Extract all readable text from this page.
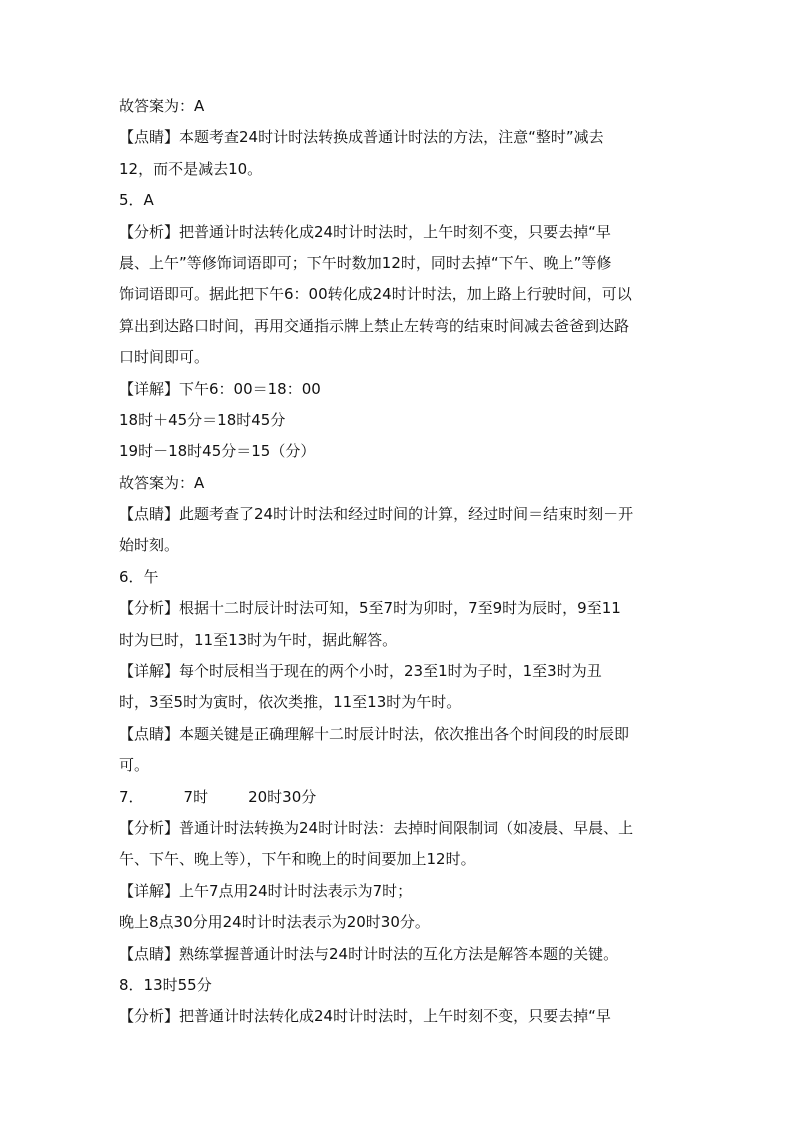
故答案为：A
【点睛】本题考查24时计时法转换成普通计时法的方法，注意“整时”减去
12，而不是减去10。
5．A
【分析】把普通计时法转化成24时计时法时，上午时刻不变，只要去掉“早
晨、上午”等修饰词语即可；下午时数加12时，同时去掉“下午、晚上”等修
饰词语即可。据此把下午6：00转化成24时计时法，加上路上行驶时间，可以
算出到达路口时间，再用交通指示牌上禁止左转弯的结束时间减去爸爸到达路
口时间即可。
【详解】下午6：00＝18：00
18时＋45分＝18时45分
19时－18时45分＝15（分）
故答案为：A
【点睛】此题考查了24时计时法和经过时间的计算，经过时间＝结束时刻－开
始时刻。
6．午
【分析】根据十二时辰计时法可知，5至7时为卯时，7至9时为辰时，9至11
时为巳时，11至13时为午时，据此解答。
【详解】每个时辰相当于现在的两个小时，23至1时为子时，1至3时为丑
时，3至5时为寅时，依次类推，11至13时为午时。
【点睛】本题关键是正确理解十二时辰计时法，依次推出各个时间段的时辰即
可。
7．	7时	20时30分
【分析】普通计时法转换为24时计时法：去掉时间限制词（如凌晨、早晨、上
午、下午、晚上等），下午和晚上的时间要加上12时。
【详解】上午7点用24时计时法表示为7时；
晚上8点30分用24时计时法表示为20时30分。
【点睛】熟练掌握普通计时法与24时计时法的互化方法是解答本题的关键。
8．13时55分
【分析】把普通计时法转化成24时计时法时，上午时刻不变，只要去掉“早
